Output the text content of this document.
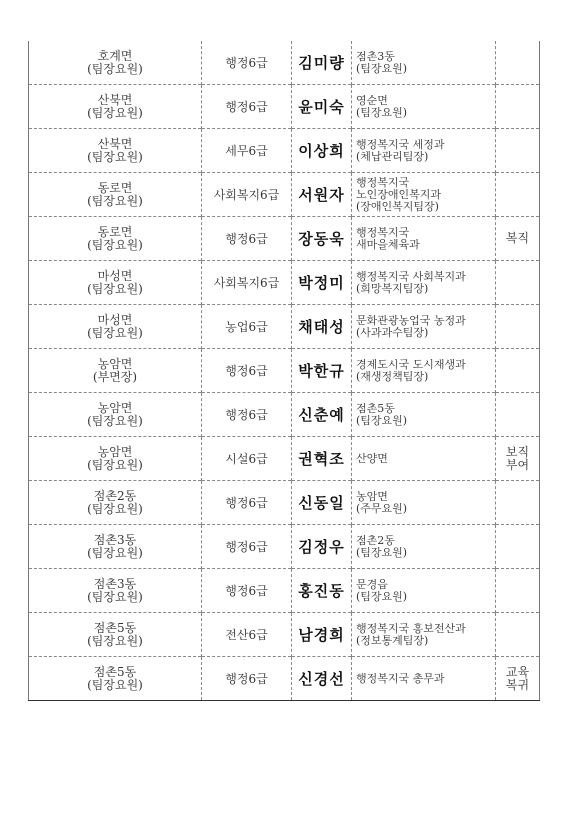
호계면
(팀장요원)	행정6급	김미량	점촌3동
(팀장요원)	

산북면
(팀장요원)	행정6급	윤미숙	영순면
(팀장요원)	

산북면
(팀장요원)	세무6급	이상희	행정복지국 세정과
(체납관리팀장)	

동로면
(팀장요원)	사회복지6급	서원자	행정복지국
노인장애인복지과
(장애인복지팀장)	

동로면
(팀장요원)	행정6급	장동욱	행정복지국
새마을체육과	복직

마성면
(팀장요원)	사회복지6급	박정미	행정복지국 사회복지과
(희망복지팀장)	

마성면
(팀장요원)	농업6급	채태성	문화관광농업국 농정과
(사과과수팀장)	

농암면
(부면장)	행정6급	박한규	경제도시국 도시재생과
(재생정책팀장)	

농암면
(팀장요원)	행정6급	신춘예	점촌5동
(팀장요원)	

농암면
(팀장요원)	시설6급	권혁조	산양면	보직
부여

점촌2동
(팀장요원)	행정6급	신동일	농암면
(주무요원)	

점촌3동
(팀장요원)	행정6급	김정우	점촌2동
(팀장요원)	

점촌3동
(팀장요원)	행정6급	홍진동	문경읍
(팀장요원)	

점촌5동
(팀장요원)	전산6급	남경희	행정복지국 홍보전산과
(정보통계팀장)	

점촌5동
(팀장요원)	행정6급	신경선	행정복지국 총무과	교육
복귀
